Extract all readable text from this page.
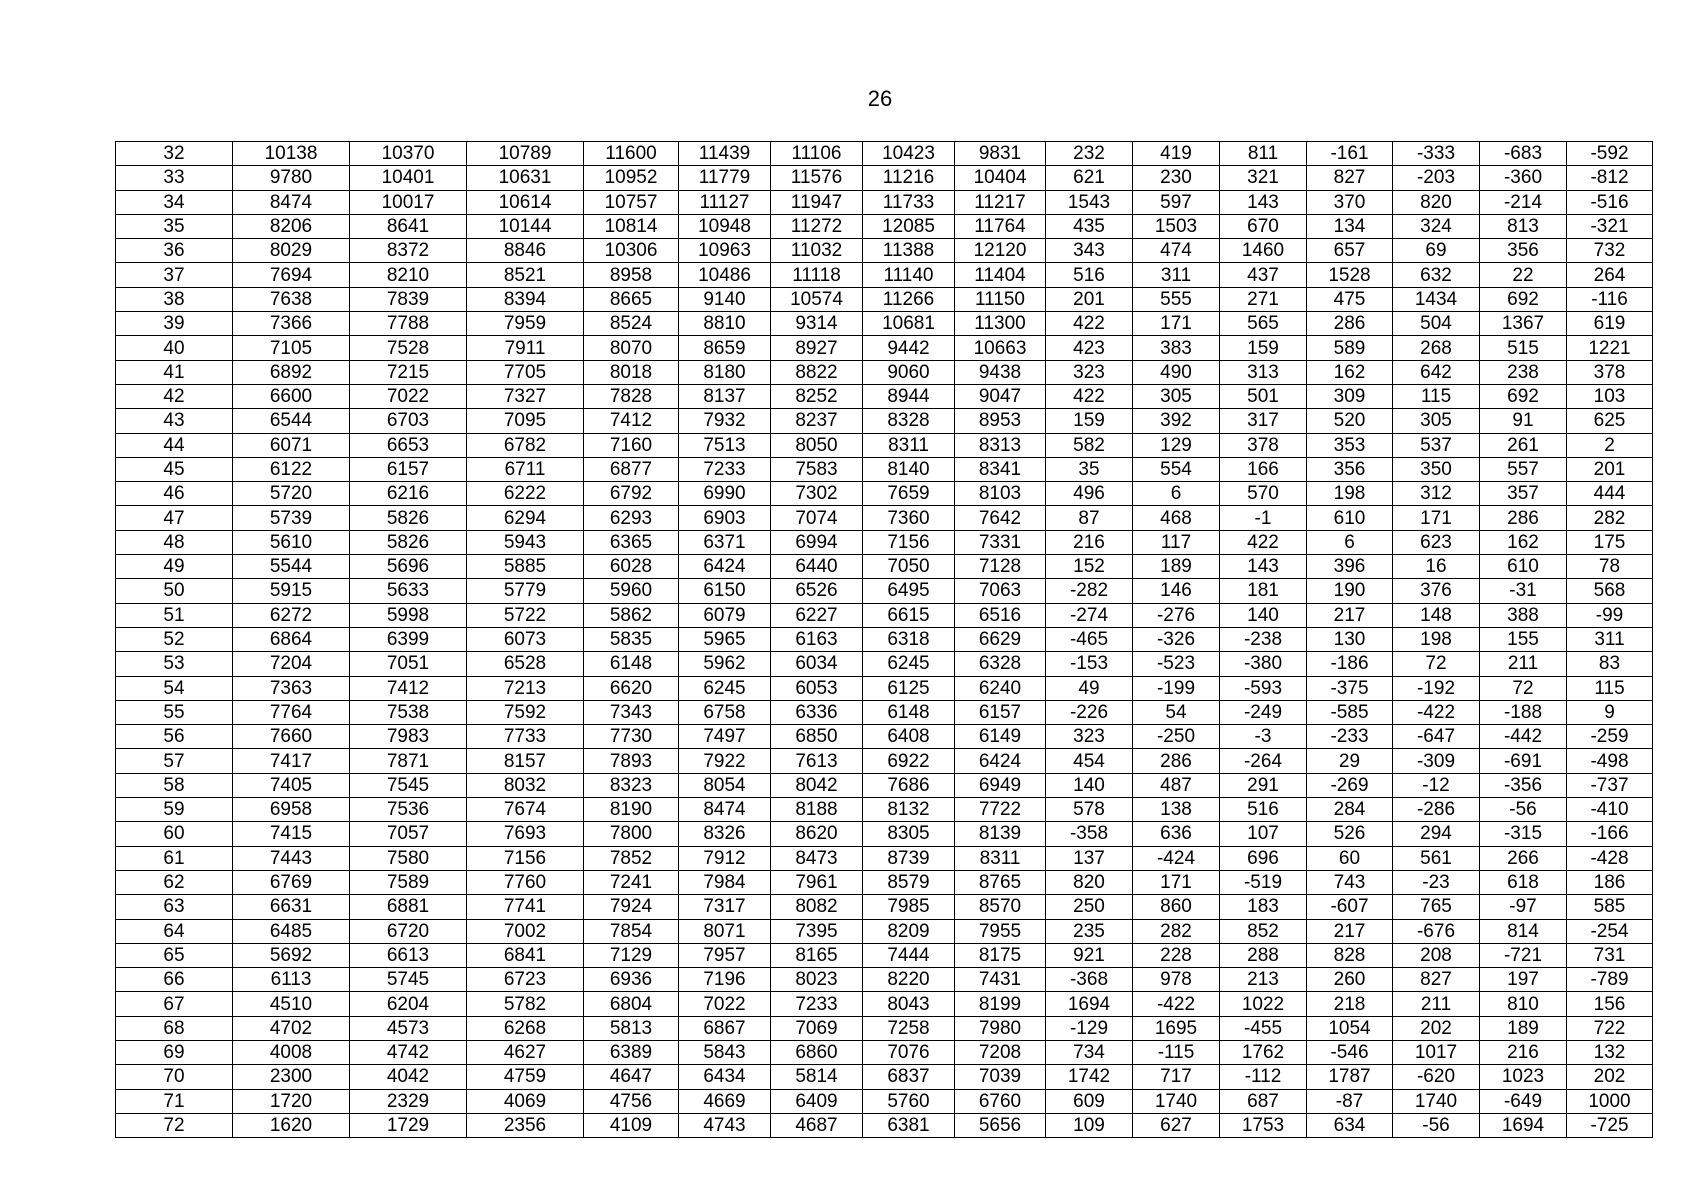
26
32	10138	10370	10789	11600	11439	11106	10423	9831	232	419	811	-161	-333	-683	-592
33	9780	10401	10631	10952	11779	11576	11216	10404	621	230	321	827	-203	-360	-812
34	8474	10017	10614	10757	11127	11947	11733	11217	1543	597	143	370	820	-214	-516
35	8206	8641	10144	10814	10948	11272	12085	11764	435	1503	670	134	324	813	-321
36	8029	8372	8846	10306	10963	11032	11388	12120	343	474	1460	657	69	356	732
37	7694	8210	8521	8958	10486	11118	11140	11404	516	311	437	1528	632	22	264
38	7638	7839	8394	8665	9140	10574	11266	11150	201	555	271	475	1434	692	-116
39	7366	7788	7959	8524	8810	9314	10681	11300	422	171	565	286	504	1367	619
40	7105	7528	7911	8070	8659	8927	9442	10663	423	383	159	589	268	515	1221
41	6892	7215	7705	8018	8180	8822	9060	9438	323	490	313	162	642	238	378
42	6600	7022	7327	7828	8137	8252	8944	9047	422	305	501	309	115	692	103
43	6544	6703	7095	7412	7932	8237	8328	8953	159	392	317	520	305	91	625
44	6071	6653	6782	7160	7513	8050	8311	8313	582	129	378	353	537	261	2
45	6122	6157	6711	6877	7233	7583	8140	8341	35	554	166	356	350	557	201
46	5720	6216	6222	6792	6990	7302	7659	8103	496	6	570	198	312	357	444
47	5739	5826	6294	6293	6903	7074	7360	7642	87	468	-1	610	171	286	282
48	5610	5826	5943	6365	6371	6994	7156	7331	216	117	422	6	623	162	175
49	5544	5696	5885	6028	6424	6440	7050	7128	152	189	143	396	16	610	78
50	5915	5633	5779	5960	6150	6526	6495	7063	-282	146	181	190	376	-31	568
51	6272	5998	5722	5862	6079	6227	6615	6516	-274	-276	140	217	148	388	-99
52	6864	6399	6073	5835	5965	6163	6318	6629	-465	-326	-238	130	198	155	311
53	7204	7051	6528	6148	5962	6034	6245	6328	-153	-523	-380	-186	72	211	83
54	7363	7412	7213	6620	6245	6053	6125	6240	49	-199	-593	-375	-192	72	115
55	7764	7538	7592	7343	6758	6336	6148	6157	-226	54	-249	-585	-422	-188	9
56	7660	7983	7733	7730	7497	6850	6408	6149	323	-250	-3	-233	-647	-442	-259
57	7417	7871	8157	7893	7922	7613	6922	6424	454	286	-264	29	-309	-691	-498
58	7405	7545	8032	8323	8054	8042	7686	6949	140	487	291	-269	-12	-356	-737
59	6958	7536	7674	8190	8474	8188	8132	7722	578	138	516	284	-286	-56	-410
60	7415	7057	7693	7800	8326	8620	8305	8139	-358	636	107	526	294	-315	-166
61	7443	7580	7156	7852	7912	8473	8739	8311	137	-424	696	60	561	266	-428
62	6769	7589	7760	7241	7984	7961	8579	8765	820	171	-519	743	-23	618	186
63	6631	6881	7741	7924	7317	8082	7985	8570	250	860	183	-607	765	-97	585
64	6485	6720	7002	7854	8071	7395	8209	7955	235	282	852	217	-676	814	-254
65	5692	6613	6841	7129	7957	8165	7444	8175	921	228	288	828	208	-721	731
66	6113	5745	6723	6936	7196	8023	8220	7431	-368	978	213	260	827	197	-789
67	4510	6204	5782	6804	7022	7233	8043	8199	1694	-422	1022	218	211	810	156
68	4702	4573	6268	5813	6867	7069	7258	7980	-129	1695	-455	1054	202	189	722
69	4008	4742	4627	6389	5843	6860	7076	7208	734	-115	1762	-546	1017	216	132
70	2300	4042	4759	4647	6434	5814	6837	7039	1742	717	-112	1787	-620	1023	202
71	1720	2329	4069	4756	4669	6409	5760	6760	609	1740	687	-87	1740	-649	1000
72	1620	1729	2356	4109	4743	4687	6381	5656	109	627	1753	634	-56	1694	-725
